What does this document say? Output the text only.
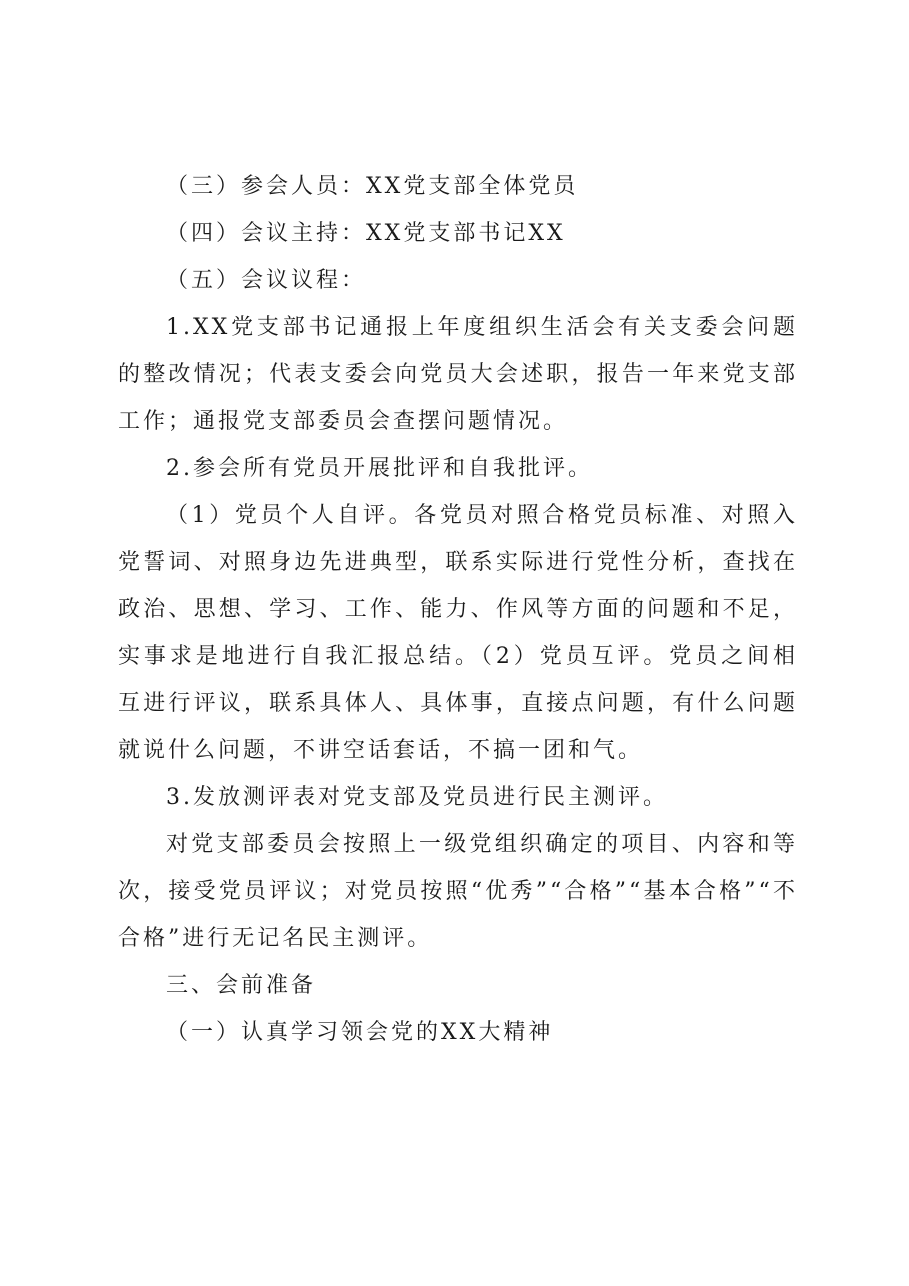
（三）参会人员：XX党支部全体党员

（四）会议主持：XX党支部书记XX

（五）会议议程：

1.XX党支部书记通报上年度组织生活会有关支委会问题的整改情况；代表支委会向党员大会述职，报告一年来党支部工作；通报党支部委员会查摆问题情况。

2.参会所有党员开展批评和自我批评。

（1）党员个人自评。各党员对照合格党员标准、对照入党誓词、对照身边先进典型，联系实际进行党性分析，查找在政治、思想、学习、工作、能力、作风等方面的问题和不足，实事求是地进行自我汇报总结。（2）党员互评。党员之间相互进行评议，联系具体人、具体事，直接点问题，有什么问题就说什么问题，不讲空话套话，不搞一团和气。

3.发放测评表对党支部及党员进行民主测评。

对党支部委员会按照上一级党组织确定的项目、内容和等次，接受党员评议；对党员按照“优秀”“合格”“基本合格”“不合格”进行无记名民主测评。

三、会前准备

（一）认真学习领会党的XX大精神
